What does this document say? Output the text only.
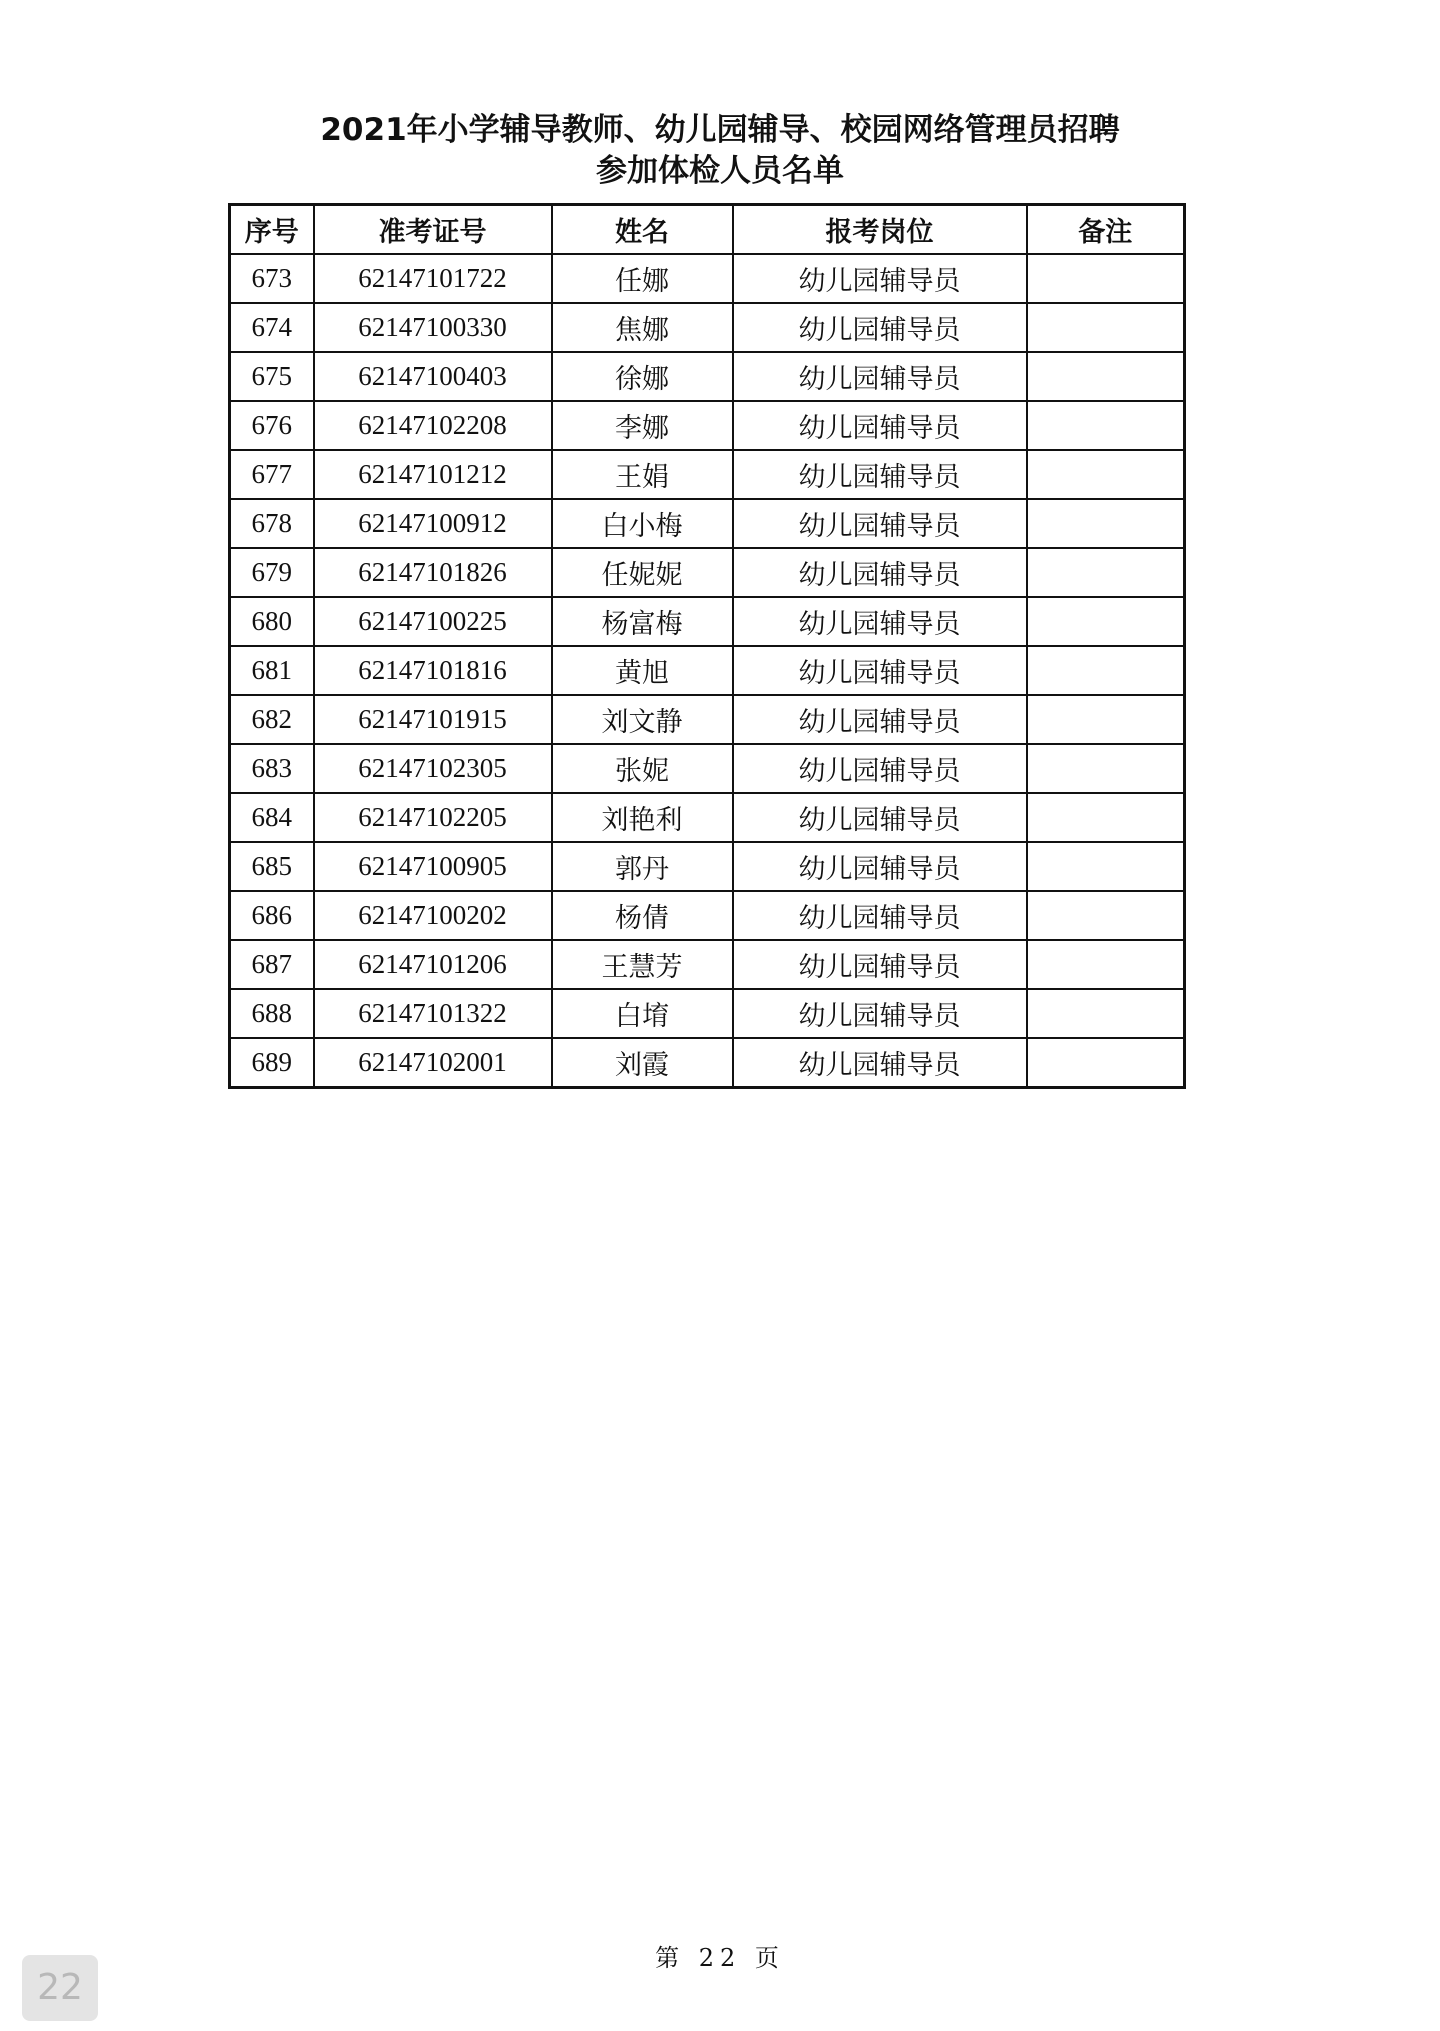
2021年小学辅导教师、幼儿园辅导、校园网络管理员招聘
参加体检人员名单
序号	准考证号	姓名	报考岗位	备注
673	62147101722	任娜	幼儿园辅导员	
674	62147100330	焦娜	幼儿园辅导员	
675	62147100403	徐娜	幼儿园辅导员	
676	62147102208	李娜	幼儿园辅导员	
677	62147101212	王娟	幼儿园辅导员	
678	62147100912	白小梅	幼儿园辅导员	
679	62147101826	任妮妮	幼儿园辅导员	
680	62147100225	杨富梅	幼儿园辅导员	
681	62147101816	黄旭	幼儿园辅导员	
682	62147101915	刘文静	幼儿园辅导员	
683	62147102305	张妮	幼儿园辅导员	
684	62147102205	刘艳利	幼儿园辅导员	
685	62147100905	郭丹	幼儿园辅导员	
686	62147100202	杨倩	幼儿园辅导员	
687	62147101206	王慧芳	幼儿园辅导员	
688	62147101322	白堉	幼儿园辅导员	
689	62147102001	刘霞	幼儿园辅导员	
第 22 页
22
